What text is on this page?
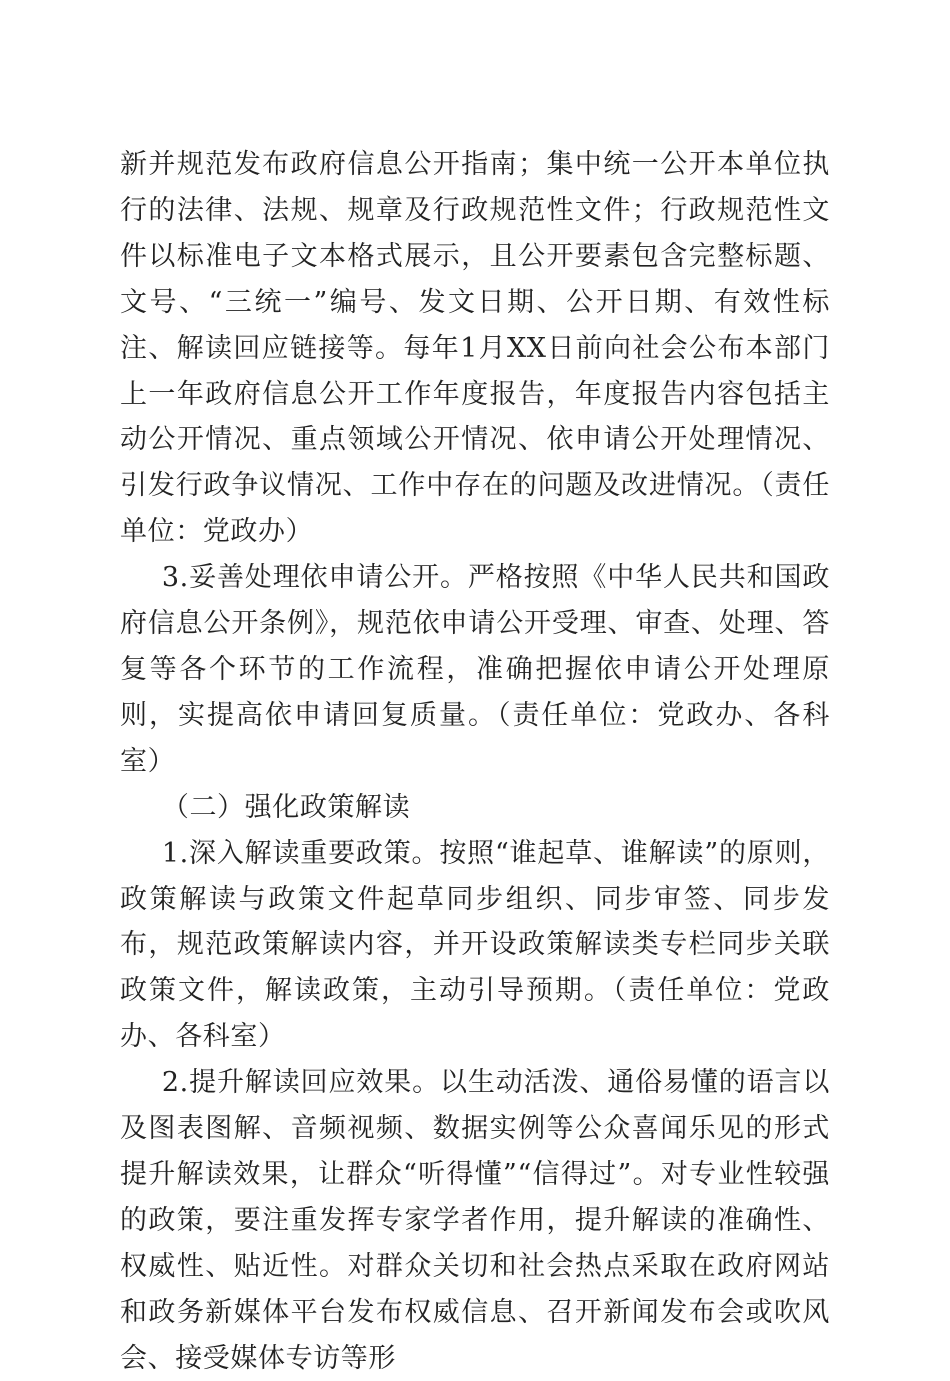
新并规范发布政府信息公开指南；集中统一公开本单位执行的法律、法规、规章及行政规范性文件；行政规范性文件以标准电子文本格式展示，且公开要素包含完整标题、文号、“三统一”编号、发文日期、公开日期、有效性标注、解读回应链接等。每年1月XX日前向社会公布本部门上一年政府信息公开工作年度报告，年度报告内容包括主动公开情况、重点领域公开情况、依申请公开处理情况、引发行政争议情况、工作中存在的问题及改进情况。（责任单位：党政办）

3.妥善处理依申请公开。严格按照《中华人民共和国政府信息公开条例》，规范依申请公开受理、审查、处理、答复等各个环节的工作流程，准确把握依申请公开处理原则，实提高依申请回复质量。（责任单位：党政办、各科室）

（二）强化政策解读

1.深入解读重要政策。按照“谁起草、谁解读”的原则，政策解读与政策文件起草同步组织、同步审签、同步发布，规范政策解读内容，并开设政策解读类专栏同步关联政策文件，解读政策，主动引导预期。（责任单位：党政办、各科室）

2.提升解读回应效果。以生动活泼、通俗易懂的语言以及图表图解、音频视频、数据实例等公众喜闻乐见的形式提升解读效果，让群众“听得懂”“信得过”。对专业性较强的政策，要注重发挥专家学者作用，提升解读的准确性、权威性、贴近性。对群众关切和社会热点采取在政府网站和政务新媒体平台发布权威信息、召开新闻发布会或吹风会、接受媒体专访等形
